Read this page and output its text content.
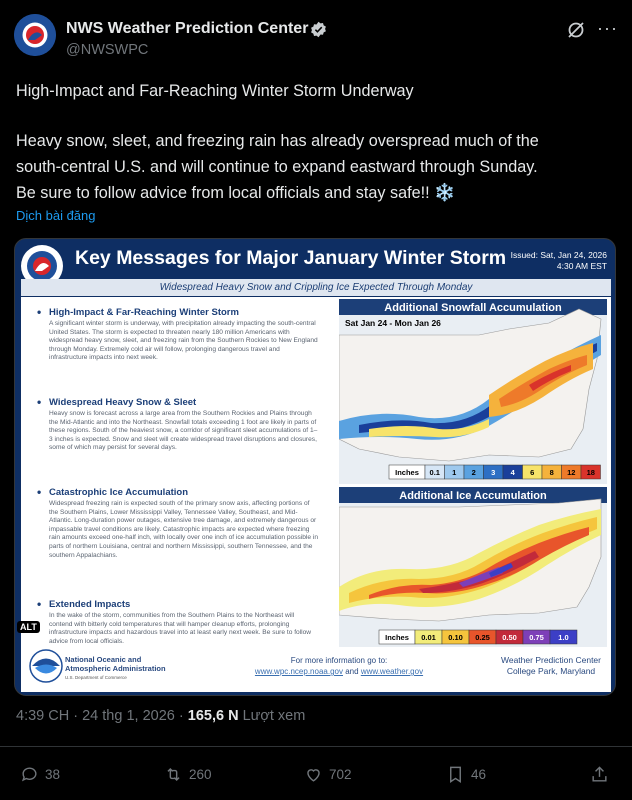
NWS Weather Prediction Center
@NWSWPC
···
High-Impact and Far-Reaching Winter Storm Underway
Heavy snow, sleet, and freezing rain has already overspread much of the
south-central U.S. and will continue to expand eastward through Sunday.
Be sure to follow advice from local officials and stay safe!! ❄️
Dịch bài đăng
Key Messages for Major January Winter Storm Issued: Sat, Jan 24, 2026
4:30 AM EST
Widespread Heavy Snow and Crippling Ice Expected Through Monday
• High-Impact & Far-Reaching Winter Storm
A significant winter storm is underway, with precipitation already impacting the south-central United States. The storm is expected to threaten nearly 180 million Americans with widespread heavy snow, sleet, and freezing rain from the Southern Rockies to New England through Monday. Extremely cold air will follow, prolonging dangerous travel and infrastructure impacts into next week.
• Widespread Heavy Snow & Sleet
Heavy snow is forecast across a large area from the Southern Rockies and Plains through the Mid-Atlantic and into the Northeast. Snowfall totals exceeding 1 foot are likely in parts of these regions. South of the heaviest snow, a corridor of significant sleet accumulations of 1–3 inches is expected. Snow and sleet will create widespread travel disruptions and closures, some of which may persist for several days.
• Catastrophic Ice Accumulation
Widespread freezing rain is expected south of the primary snow axis, affecting portions of the Southern Plains, Lower Mississippi Valley, Tennessee Valley, Southeast, and Mid-Atlantic. Long-duration power outages, extensive tree damage, and extremely dangerous or impassable travel conditions are likely. Catastrophic impacts are expected where freezing rain amounts exceed one-half inch, with locally over one inch of ice accumulation possible in parts of northern Louisiana, central and northern Mississippi, southern Tennessee, and the southern Appalachians.
• Extended Impacts
In the wake of the storm, communities from the Southern Plains to the Northeast will contend with bitterly cold temperatures that will hamper cleanup efforts, prolonging infrastructure impacts and hazardous travel into at least early next week. Be sure to follow advice from local officials.
Additional Snowfall Accumulation
Sat Jan 24 - Mon Jan 26
Inches 0.1 1 2 3 4 6 8 12 18
Additional Ice Accumulation
Inches 0.01 0.10 0.25 0.50 0.75 1.0
National Oceanic and
Atmospheric Administration
U.S. Department of Commerce
For more information go to:
www.wpc.ncep.noaa.gov and www.weather.gov
Weather Prediction Center
College Park, Maryland
ALT
4:39 CH · 24 thg 1, 2026 · 165,6 N Lượt xem
38	260	702	46
